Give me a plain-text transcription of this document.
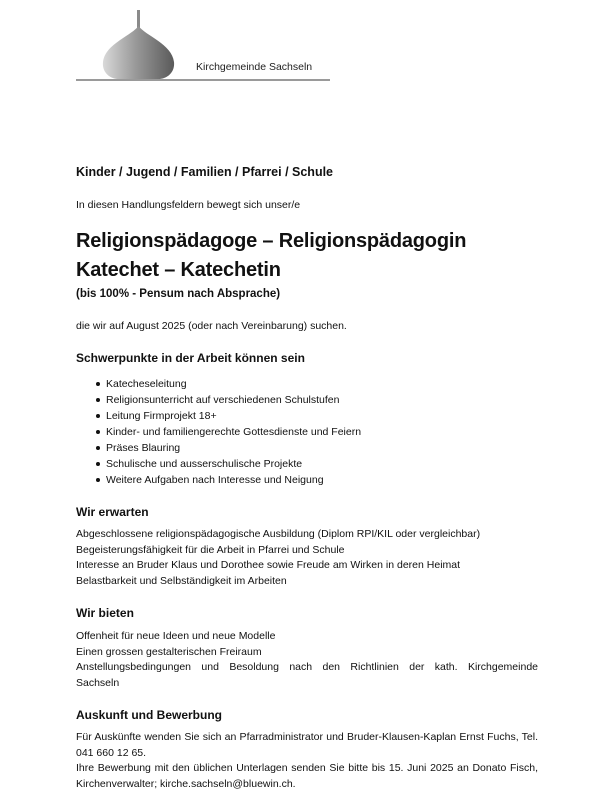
Kirchgemeinde Sachseln
Kinder / Jugend / Familien / Pfarrei / Schule
In diesen Handlungsfeldern bewegt sich unser/e
Religionspädagoge – Religionspädagogin
Katechet – Katechetin
(bis 100% - Pensum nach Absprache)
die wir auf August 2025 (oder nach Vereinbarung) suchen.
Schwerpunkte in der Arbeit können sein
Katecheseleitung
Religionsunterricht auf verschiedenen Schulstufen
Leitung Firmprojekt 18+
Kinder- und familiengerechte Gottesdienste und Feiern
Präses Blauring
Schulische und ausserschulische Projekte
Weitere Aufgaben nach Interesse und Neigung
Wir erwarten
Abgeschlossene religionspädagogische Ausbildung (Diplom RPI/KIL oder vergleichbar)
Begeisterungsfähigkeit für die Arbeit in Pfarrei und Schule
Interesse an Bruder Klaus und Dorothee sowie Freude am Wirken in deren Heimat
Belastbarkeit und Selbständigkeit im Arbeiten
Wir bieten
Offenheit für neue Ideen und neue Modelle
Einen grossen gestalterischen Freiraum
Anstellungsbedingungen und Besoldung nach den Richtlinien der kath. Kirchgemeinde
Sachseln
Auskunft und Bewerbung
Für Auskünfte wenden Sie sich an Pfarradministrator und Bruder-Klausen-Kaplan Ernst Fuchs, Tel. 041 660 12 65.
Ihre Bewerbung mit den üblichen Unterlagen senden Sie bitte bis 15. Juni 2025 an Donato Fisch, Kirchenverwalter; kirche.sachseln@bluewin.ch.
